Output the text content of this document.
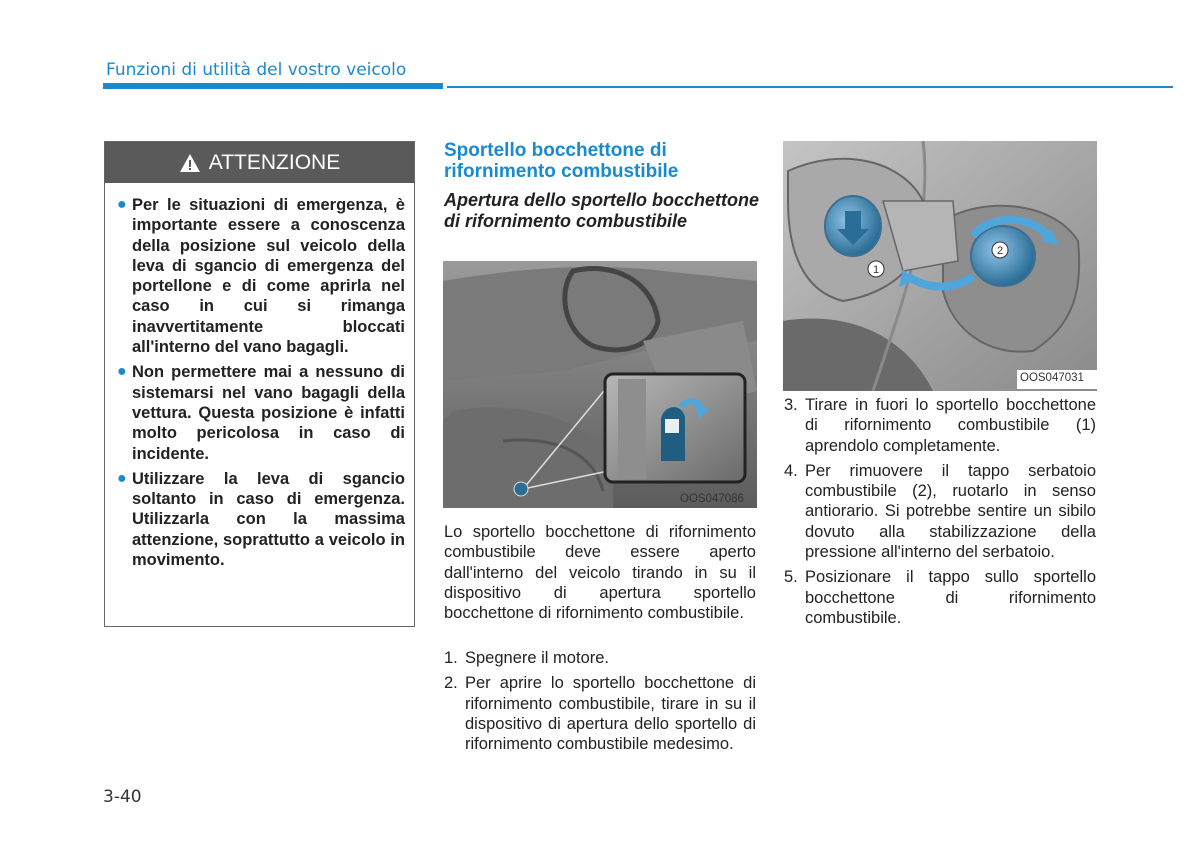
Funzioni di utilità del vostro veicolo
ATTENZIONE
● Per le situazioni di emergenza, è importante essere a conoscenza della posizione sul veicolo della leva di sgancio di emergenza del portellone e di come aprirla nel caso in cui si rimanga inavvertitamente bloccati all'interno del vano bagagli.
● Non permettere mai a nessuno di sistemarsi nel vano bagagli della vettura. Questa posizione è infatti molto pericolosa in caso di incidente.
● Utilizzare la leva di sgancio soltanto in caso di emergenza. Utilizzarla con la massima attenzione, soprattutto a veicolo in movimento.
Sportello bocchettone di rifornimento combustibile
Apertura dello sportello bocchettone di rifornimento combustibile
OOS047086
Lo sportello bocchettone di rifornimento combustibile deve essere aperto dall'interno del veicolo tirando in su il dispositivo di apertura sportello bocchettone di rifornimento combustibile.
1. Spegnere il motore.
2. Per aprire lo sportello bocchettone di rifornimento combustibile, tirare in su il dispositivo di apertura dello sportello di rifornimento combustibile medesimo.
1
2
OOS047031
3. Tirare in fuori lo sportello bocchettone di rifornimento combustibile (1) aprendolo completamente.
4. Per rimuovere il tappo serbatoio combustibile (2), ruotarlo in senso antiorario. Si potrebbe sentire un sibilo dovuto alla stabilizzazione della pressione all'interno del serbatoio.
5. Posizionare il tappo sullo sportello bocchettone di rifornimento combustibile.
3-40
